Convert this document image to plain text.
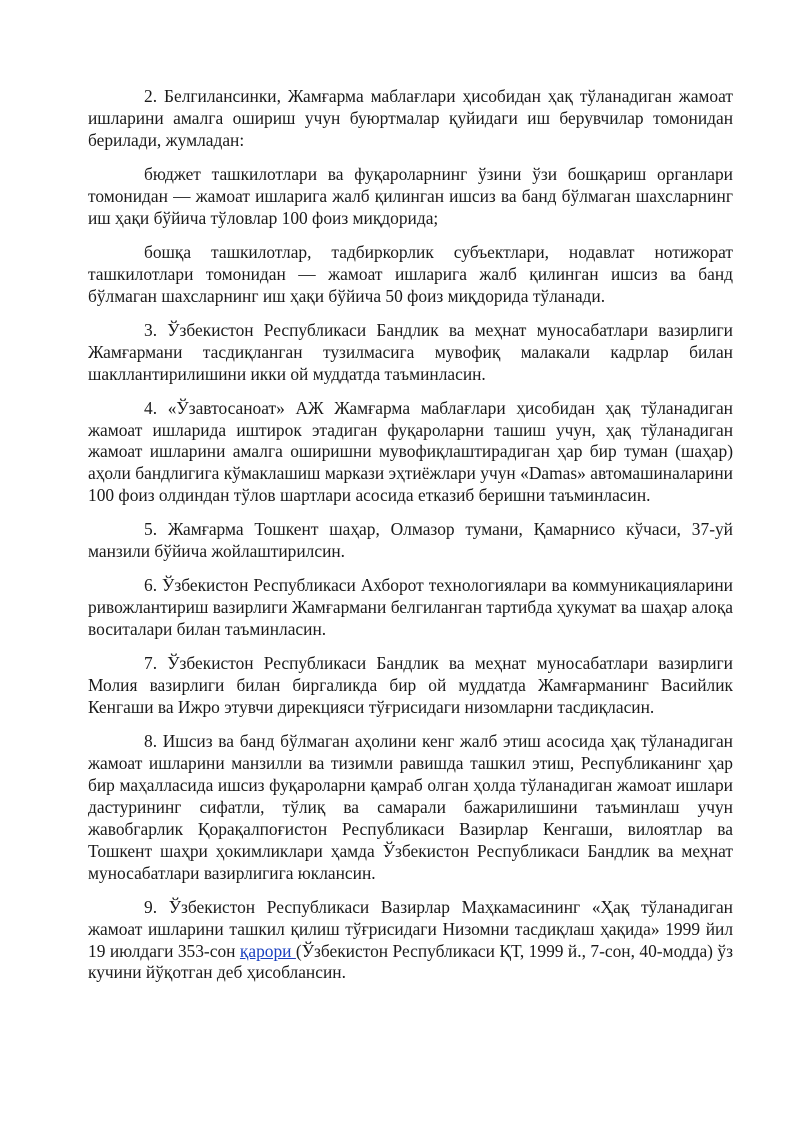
2. Белгилансинки, Жамғарма маблағлари ҳисобидан ҳақ тўланадиган жамоат ишларини амалга ошириш учун буюртмалар қуйидаги иш берувчилар томонидан берилади, жумладан:

бюджет ташкилотлари ва фуқароларнинг ўзини ўзи бошқариш органлари томонидан — жамоат ишларига жалб қилинган ишсиз ва банд бўлмаган шахсларнинг иш ҳақи бўйича тўловлар 100 фоиз миқдорида;

бошқа ташкилотлар, тадбиркорлик субъектлари, нодавлат нотижорат ташкилотлари томонидан — жамоат ишларига жалб қилинган ишсиз ва банд бўлмаган шахсларнинг иш ҳақи бўйича 50 фоиз миқдорида тўланади.

3. Ўзбекистон Республикаси Бандлик ва меҳнат муносабатлари вазирлиги Жамғармани тасдиқланган тузилмасига мувофиқ малакали кадрлар билан шакллантирилишини икки ой муддатда таъминласин.

4. «Ўзавтосаноат» АЖ Жамғарма маблағлари ҳисобидан ҳақ тўланадиган жамоат ишларида иштирок этадиган фуқароларни ташиш учун, ҳақ тўланадиган жамоат ишларини амалга оширишни мувофиқлаштирадиган ҳар бир туман (шаҳар) аҳоли бандлигига кўмаклашиш маркази эҳтиёжлари учун «Damas» автомашиналарини 100 фоиз олдиндан тўлов шартлари асосида етказиб беришни таъминласин.

5. Жамғарма Тошкент шаҳар, Олмазор тумани, Қамарнисо кўчаси, 37-уй манзили бўйича жойлаштирилсин.

6. Ўзбекистон Республикаси Ахборот технологиялари ва коммуникацияларини ривожлантириш вазирлиги Жамғармани белгиланган тартибда ҳукумат ва шаҳар алоқа воситалари билан таъминласин.

7. Ўзбекистон Республикаси Бандлик ва меҳнат муносабатлари вазирлиги Молия вазирлиги билан биргаликда бир ой муддатда Жамғарманинг Васийлик Кенгаши ва Ижро этувчи дирекцияси тўғрисидаги низомларни тасдиқласин.

8. Ишсиз ва банд бўлмаган аҳолини кенг жалб этиш асосида ҳақ тўланадиган жамоат ишларини манзилли ва тизимли равишда ташкил этиш, Республиканинг ҳар бир маҳалласида ишсиз фуқароларни қамраб олган ҳолда тўланадиган жамоат ишлари дастурининг сифатли, тўлиқ ва самарали бажарилишини таъминлаш учун жавобгарлик Қорақалпоғистон Республикаси Вазирлар Кенгаши, вилоятлар ва Тошкент шаҳри ҳокимликлари ҳамда Ўзбекистон Республикаси Бандлик ва меҳнат муносабатлари вазирлигига юклансин.

9. Ўзбекистон Республикаси Вазирлар Маҳкамасининг «Ҳақ тўланадиган жамоат ишларини ташкил қилиш тўғрисидаги Низомни тасдиқлаш ҳақида» 1999 йил 19 июлдаги 353-сон қарори (Ўзбекистон Республикаси ҚТ, 1999 й., 7-сон, 40-модда) ўз кучини йўқотган деб ҳисоблансин.
